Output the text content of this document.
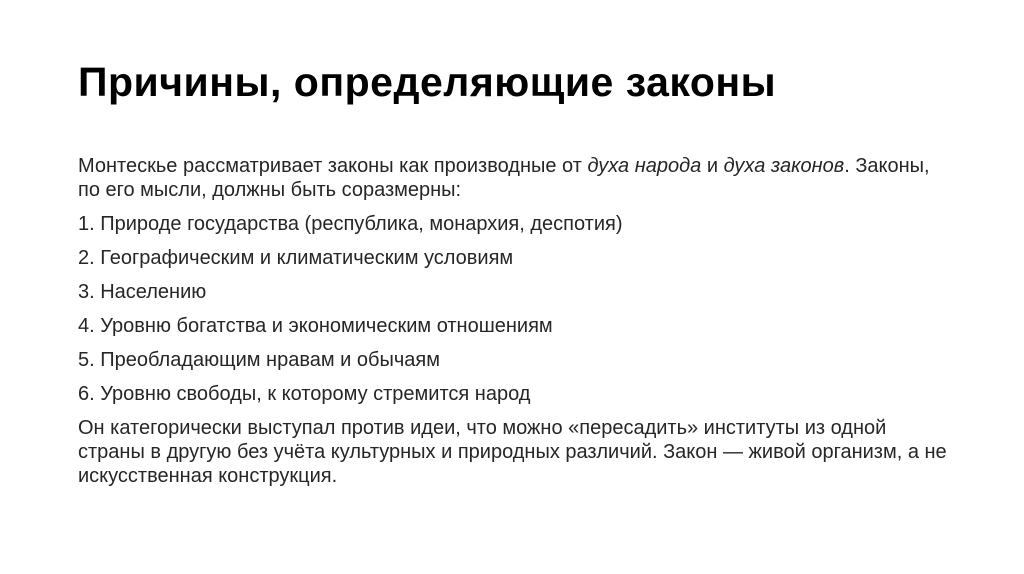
Причины, определяющие законы

Монтескье рассматривает законы как производные от духа народа и духа законов. Законы, по его мысли, должны быть соразмерны:

1. Природе государства (республика, монархия, деспотия)
2. Географическим и климатическим условиям
3. Населению
4. Уровню богатства и экономическим отношениям
5. Преобладающим нравам и обычаям
6. Уровню свободы, к которому стремится народ

Он категорически выступал против идеи, что можно «пересадить» институты из одной страны в другую без учёта культурных и природных различий. Закон — живой организм, а не искусственная конструкция.
